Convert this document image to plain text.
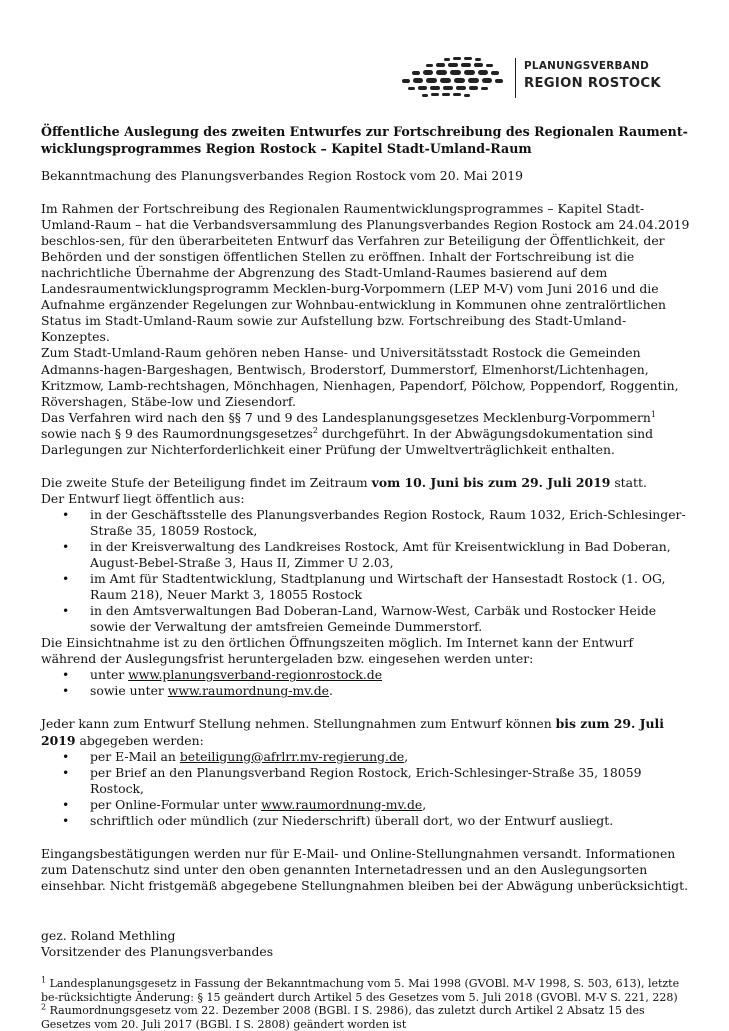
PLANUNGSVERBAND
REGION ROSTOCK
Öffentliche Auslegung des zweiten Entwurfes zur Fortschreibung des Regionalen Raument-wicklungsprogrammes Region Rostock – Kapitel Stadt-Umland-Raum

Bekanntmachung des Planungsverbandes Region Rostock vom 20. Mai 2019

Im Rahmen der Fortschreibung des Regionalen Raumentwicklungsprogrammes – Kapitel Stadt-Umland-Raum – hat die Verbandsversammlung des Planungsverbandes Region Rostock am 24.04.2019 beschlos-sen, für den überarbeiteten Entwurf das Verfahren zur Beteiligung der Öffentlichkeit, der Behörden und der sonstigen öffentlichen Stellen zu eröffnen. Inhalt der Fortschreibung ist die nachrichtliche Übernahme der Abgrenzung des Stadt-Umland-Raumes basierend auf dem Landesraumentwicklungsprogramm Mecklen-burg-Vorpommern (LEP M-V) vom Juni 2016 und die Aufnahme ergänzender Regelungen zur Wohnbau-entwicklung in Kommunen ohne zentralörtlichen Status im Stadt-Umland-Raum sowie zur Aufstellung bzw. Fortschreibung des Stadt-Umland-Konzeptes.

Zum Stadt-Umland-Raum gehören neben Hanse- und Universitätsstadt Rostock die Gemeinden Admanns-hagen-Bargeshagen, Bentwisch, Broderstorf, Dummerstorf, Elmenhorst/Lichtenhagen, Kritzmow, Lamb-rechtshagen, Mönchhagen, Nienhagen, Papendorf, Pölchow, Poppendorf, Roggentin, Rövershagen, Stäbe-low und Ziesendorf.

Das Verfahren wird nach den §§ 7 und 9 des Landesplanungsgesetzes Mecklenburg-Vorpommern$^1$ sowie nach § 9 des Raumordnungsgesetzes$^2$ durchgeführt. In der Abwägungsdokumentation sind Darlegungen zur Nichterforderlichkeit einer Prüfung der Umweltverträglichkeit enthalten.

Die zweite Stufe der Beteiligung findet im Zeitraum vom 10. Juni bis zum 29. Juli 2019 statt.

Der Entwurf liegt öffentlich aus:

• in der Geschäftsstelle des Planungsverbandes Region Rostock, Raum 1032, Erich-Schlesinger-Straße 35, 18059 Rostock,
• in der Kreisverwaltung des Landkreises Rostock, Amt für Kreisentwicklung in Bad Doberan, August-Bebel-Straße 3, Haus II, Zimmer U 2.03,
• im Amt für Stadtentwicklung, Stadtplanung und Wirtschaft der Hansestadt Rostock (1. OG, Raum 218), Neuer Markt 3, 18055 Rostock
• in den Amtsverwaltungen Bad Doberan-Land, Warnow-West, Carbäk und Rostocker Heide sowie der Verwaltung der amtsfreien Gemeinde Dummerstorf.

Die Einsichtnahme ist zu den örtlichen Öffnungszeiten möglich. Im Internet kann der Entwurf während der Auslegungsfrist heruntergeladen bzw. eingesehen werden unter:

• unter www.planungsverband-regionrostock.de
• sowie unter www.raumordnung-mv.de.

Jeder kann zum Entwurf Stellung nehmen. Stellungnahmen zum Entwurf können bis zum 29. Juli 2019 abgegeben werden:

• per E-Mail an beteiligung@afrlrr.mv-regierung.de,
• per Brief an den Planungsverband Region Rostock, Erich-Schlesinger-Straße 35, 18059 Rostock,
• per Online-Formular unter www.raumordnung-mv.de,
• schriftlich oder mündlich (zur Niederschrift) überall dort, wo der Entwurf ausliegt.

Eingangsbestätigungen werden nur für E-Mail- und Online-Stellungnahmen versandt. Informationen zum Datenschutz sind unter den oben genannten Internetadressen und an den Auslegungsorten einsehbar. Nicht fristgemäß abgegebene Stellungnahmen bleiben bei der Abwägung unberücksichtigt.

gez. Roland Methling

Vorsitzender des Planungsverbandes

$^1$ Landesplanungsgesetz in Fassung der Bekanntmachung vom 5. Mai 1998 (GVOBl. M-V 1998, S. 503, 613), letzte be-rücksichtigte Änderung: § 15 geändert durch Artikel 5 des Gesetzes vom 5. Juli 2018 (GVOBl. M-V S. 221, 228)

$^2$ Raumordnungsgesetz vom 22. Dezember 2008 (BGBl. I S. 2986), das zuletzt durch Artikel 2 Absatz 15 des Gesetzes vom 20. Juli 2017 (BGBl. I S. 2808) geändert worden ist
